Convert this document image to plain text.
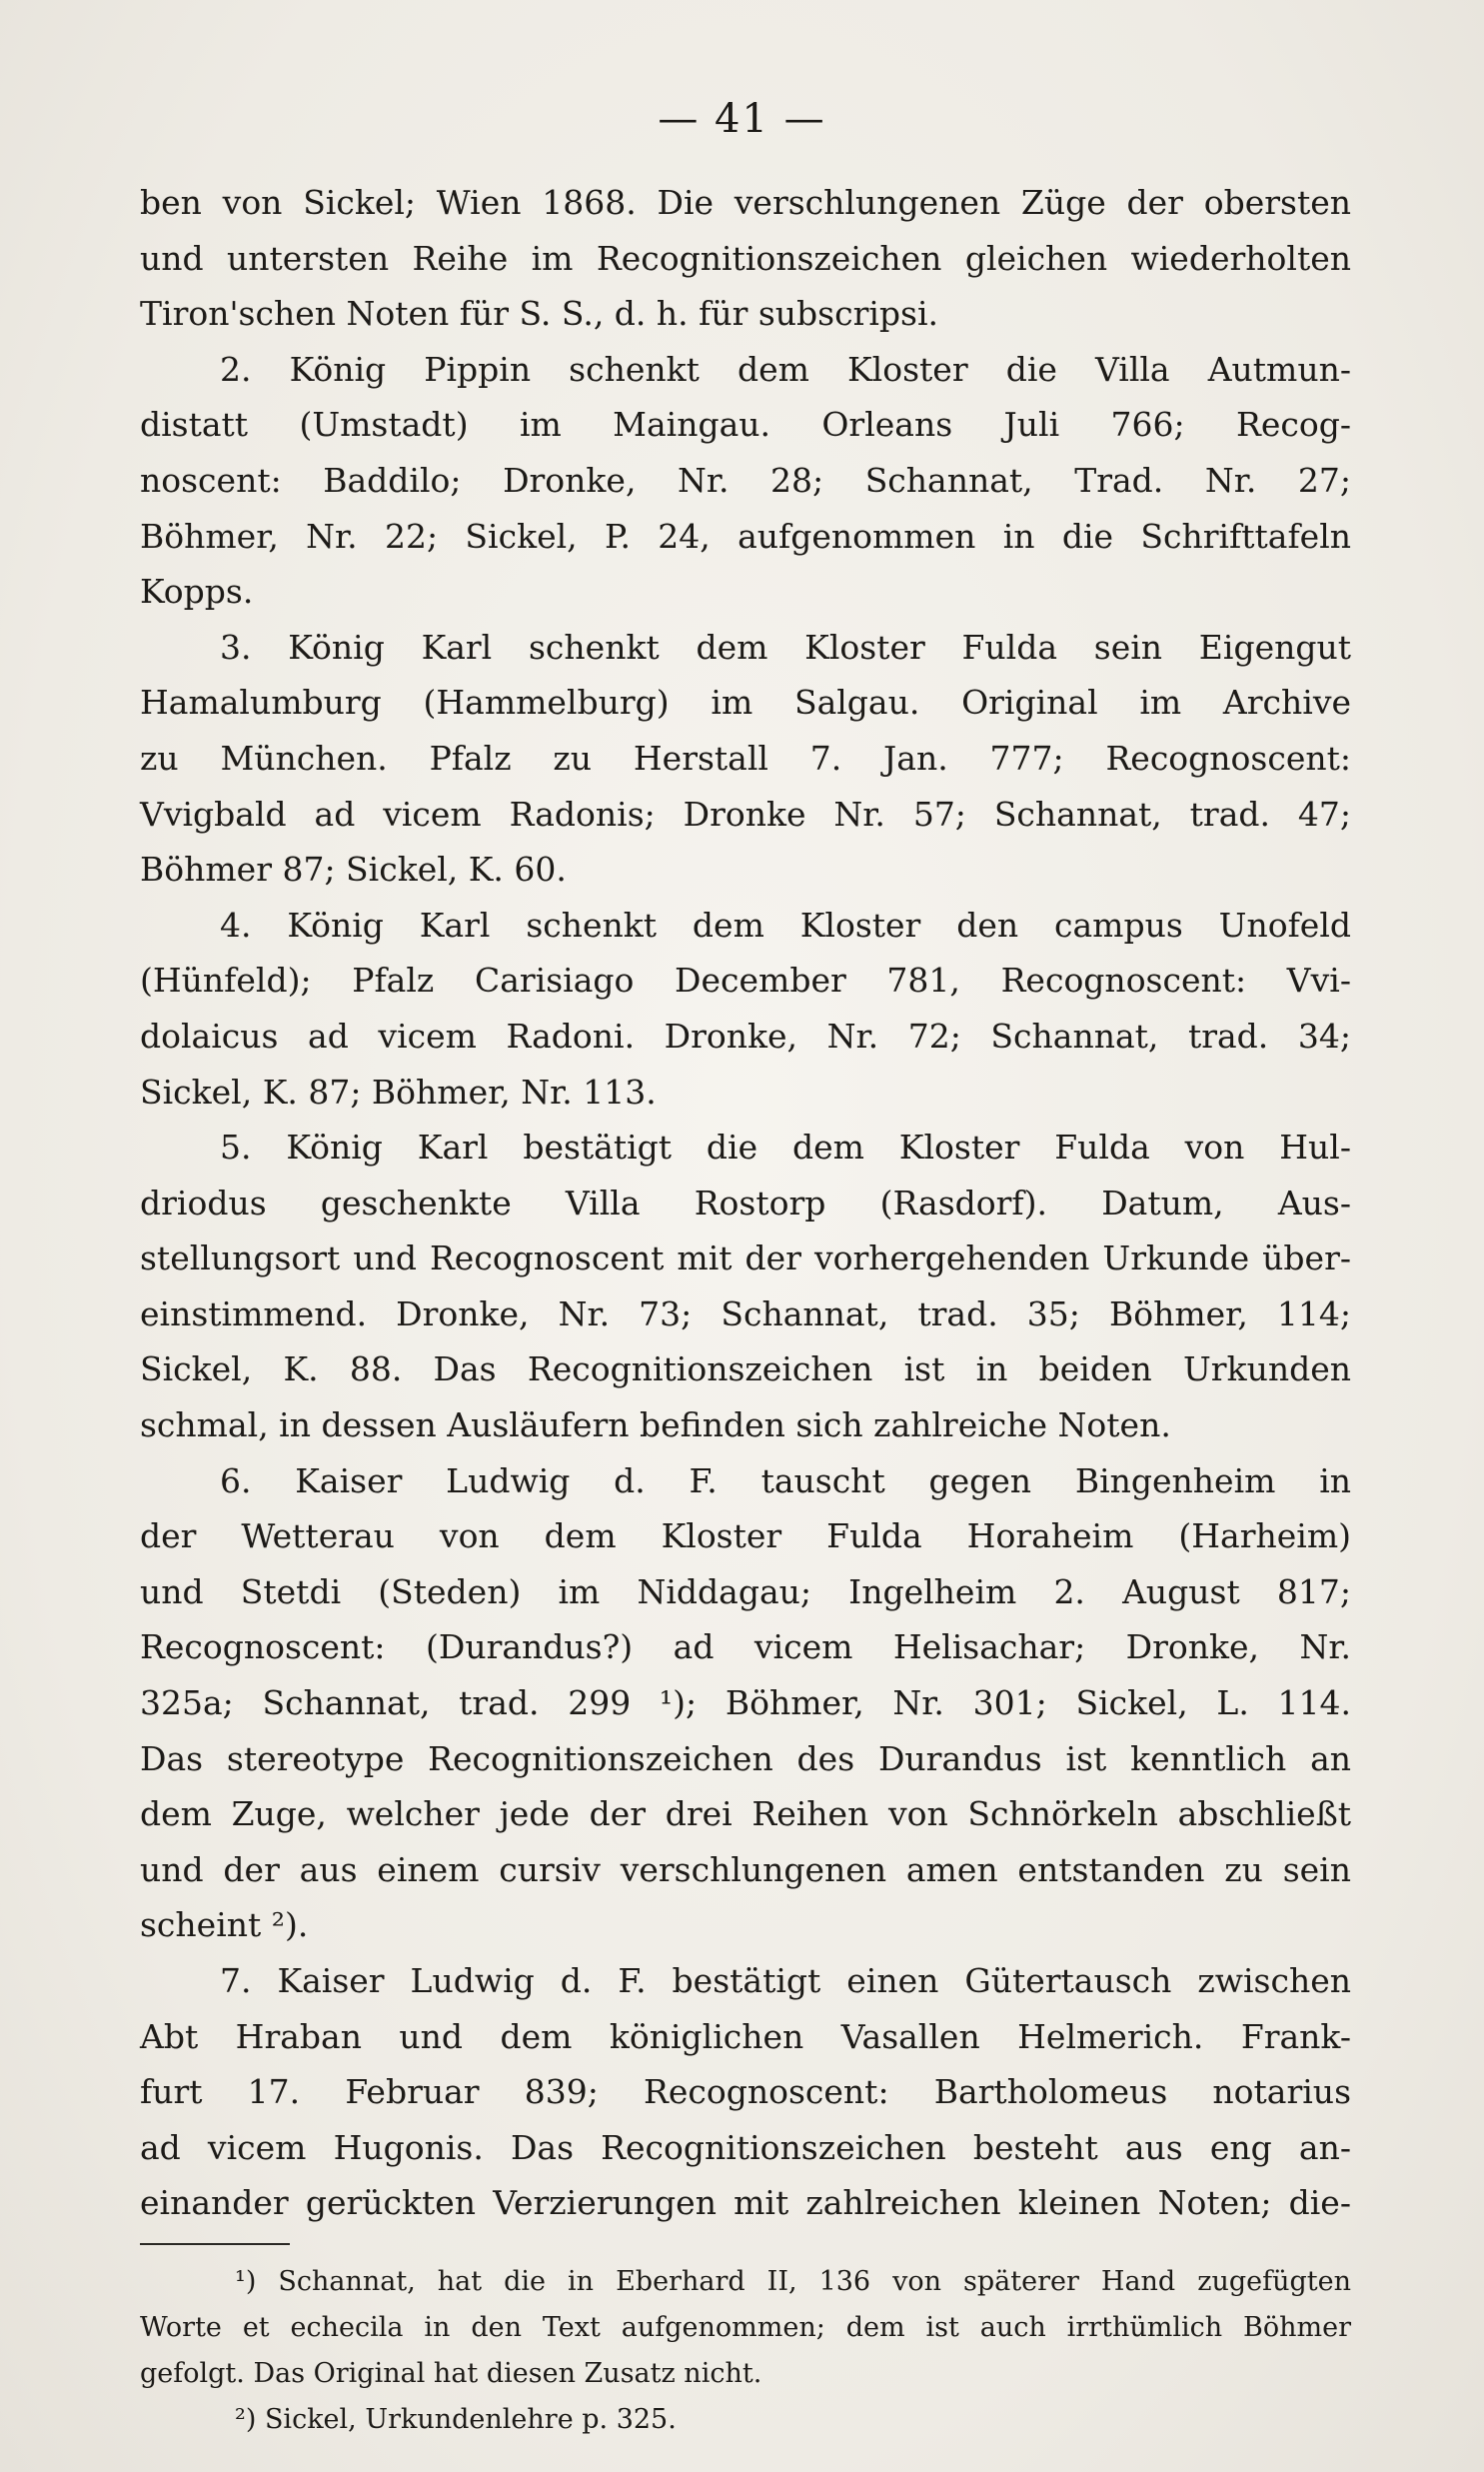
— 41 —
ben von Sickel; Wien 1868. Die verschlungenen Züge der obersten
und untersten Reihe im Recognitionszeichen gleichen wiederholten
Tiron'schen Noten für S. S., d. h. für subscripsi.
2. König Pippin schenkt dem Kloster die Villa Autmun-
distatt (Umstadt) im Maingau. Orleans Juli 766; Recog-
noscent: Baddilo; Dronke, Nr. 28; Schannat, Trad. Nr. 27;
Böhmer, Nr. 22; Sickel, P. 24, aufgenommen in die Schrifttafeln
Kopps.
3. König Karl schenkt dem Kloster Fulda sein Eigengut
Hamalumburg (Hammelburg) im Salgau. Original im Archive
zu München. Pfalz zu Herstall 7. Jan. 777; Recognoscent:
Vvigbald ad vicem Radonis; Dronke Nr. 57; Schannat, trad. 47;
Böhmer 87; Sickel, K. 60.
4. König Karl schenkt dem Kloster den campus Unofeld
(Hünfeld); Pfalz Carisiago December 781, Recognoscent: Vvi-
dolaicus ad vicem Radoni. Dronke, Nr. 72; Schannat, trad. 34;
Sickel, K. 87; Böhmer, Nr. 113.
5. König Karl bestätigt die dem Kloster Fulda von Hul-
driodus geschenkte Villa Rostorp (Rasdorf). Datum, Aus-
stellungsort und Recognoscent mit der vorhergehenden Urkunde über-
einstimmend. Dronke, Nr. 73; Schannat, trad. 35; Böhmer, 114;
Sickel, K. 88. Das Recognitionszeichen ist in beiden Urkunden
schmal, in dessen Ausläufern befinden sich zahlreiche Noten.
6. Kaiser Ludwig d. F. tauscht gegen Bingenheim in
der Wetterau von dem Kloster Fulda Horaheim (Harheim)
und Stetdi (Steden) im Niddagau; Ingelheim 2. August 817;
Recognoscent: (Durandus?) ad vicem Helisachar; Dronke, Nr.
325a; Schannat, trad. 299 ¹); Böhmer, Nr. 301; Sickel, L. 114.
Das stereotype Recognitionszeichen des Durandus ist kenntlich an
dem Zuge, welcher jede der drei Reihen von Schnörkeln abschließt
und der aus einem cursiv verschlungenen amen entstanden zu sein
scheint ²).
7. Kaiser Ludwig d. F. bestätigt einen Gütertausch zwischen
Abt Hraban und dem königlichen Vasallen Helmerich. Frank-
furt 17. Februar 839; Recognoscent: Bartholomeus notarius
ad vicem Hugonis. Das Recognitionszeichen besteht aus eng an-
einander gerückten Verzierungen mit zahlreichen kleinen Noten; die-
¹) Schannat, hat die in Eberhard II, 136 von späterer Hand zugefügten
Worte et echecila in den Text aufgenommen; dem ist auch irrthümlich Böhmer
gefolgt. Das Original hat diesen Zusatz nicht.
²) Sickel, Urkundenlehre p. 325.
